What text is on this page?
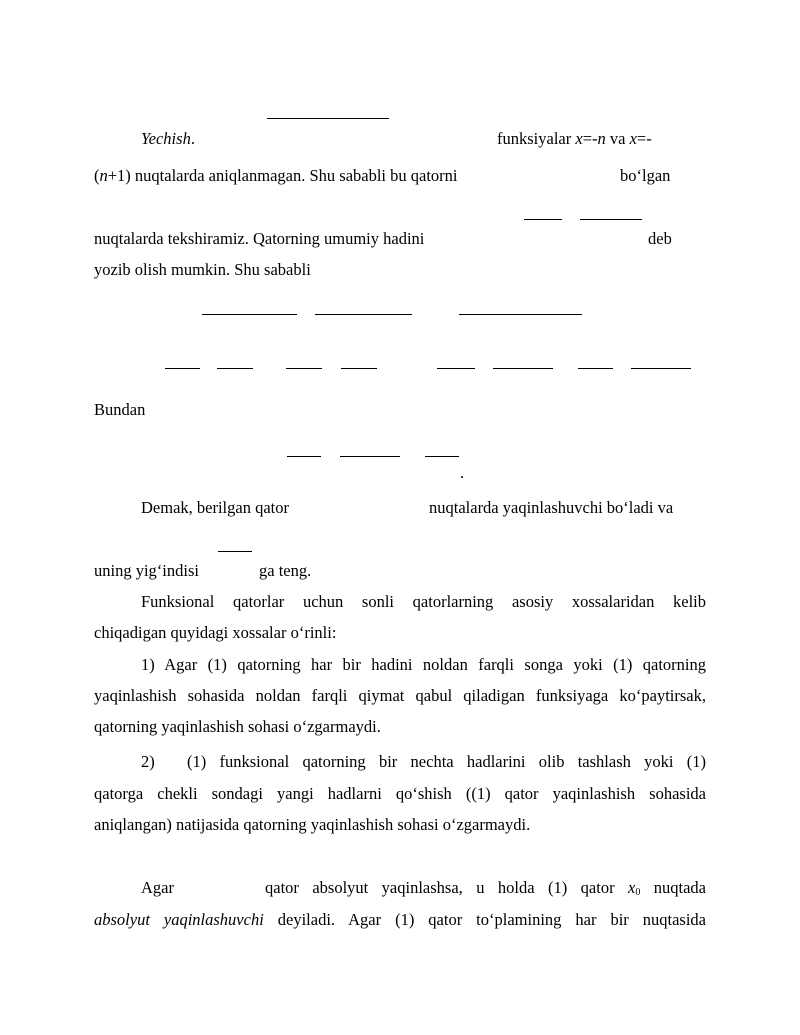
Yechish.	funksiyalar x=-n va x=-
(n+1) nuqtalarda aniqlanmagan. Shu sababli bu qatorni	bo‘lgan
nuqtalarda tekshiramiz. Qatorning umumiy hadini	deb
yozib olish mumkin. Shu sababli
Bundan
.
Demak, berilgan qator	nuqtalarda yaqinlashuvchi bo‘ladi va
uning yig‘indisi	ga teng.
Funksional qatorlar uchun sonli qatorlarning asosiy xossalaridan kelib
chiqadigan quyidagi xossalar o‘rinli:
1) Agar (1) qatorning har bir hadini noldan farqli songa yoki (1) qatorning
yaqinlashish sohasida noldan farqli qiymat qabul qiladigan funksiyaga ko‘paytirsak,
qatorning yaqinlashish sohasi o‘zgarmaydi.
2) (1) funksional qatorning bir nechta hadlarini olib tashlash yoki (1)
qatorga chekli sondagi yangi hadlarni qo‘shish ((1) qator yaqinlashish sohasida
aniqlangan) natijasida qatorning yaqinlashish sohasi o‘zgarmaydi.
Agar	qator absolyut yaqinlashsa, u holda (1) qator $x_0$ nuqtada
absolyut yaqinlashuvchi deyiladi. Agar (1) qator to‘plamining har bir nuqtasida
